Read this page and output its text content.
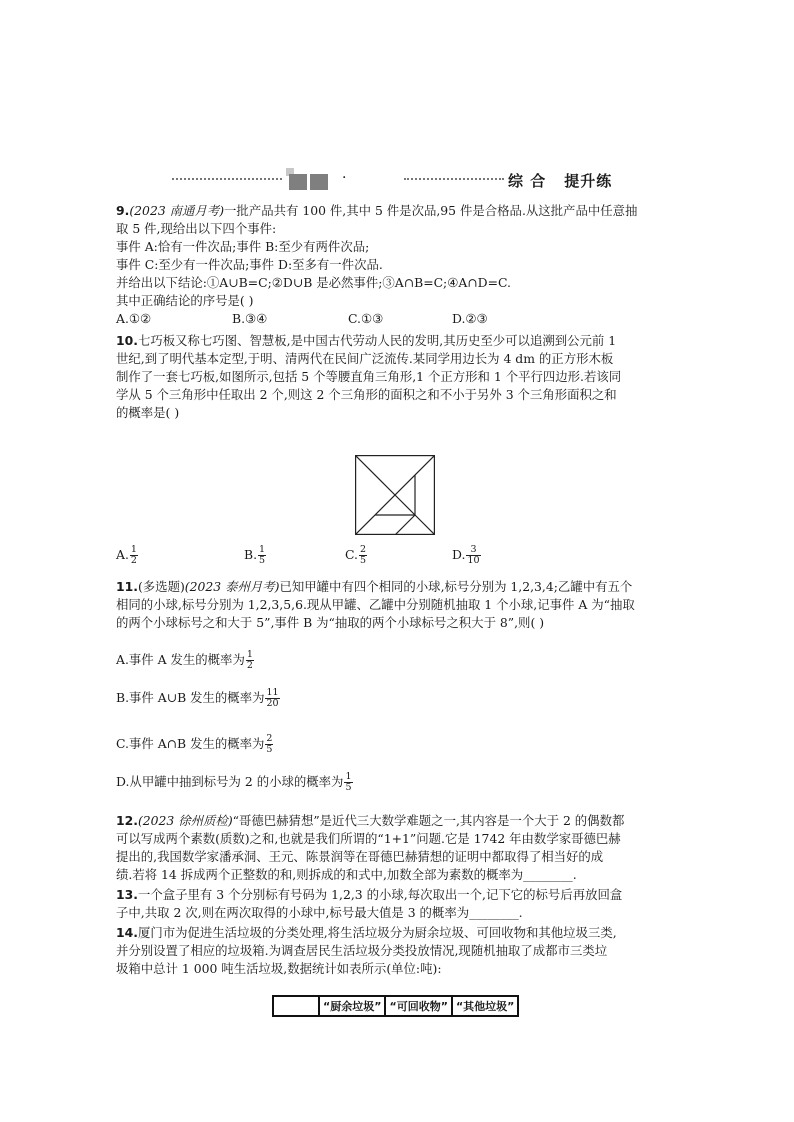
·	综 合 提升练
9.(2023 南通月考)一批产品共有 100 件,其中 5 件是次品,95 件是合格品.从这批产品中任意抽
取 5 件,现给出以下四个事件:
事件 A:恰有一件次品;事件 B:至少有两件次品;
事件 C:至少有一件次品;事件 D:至多有一件次品.
并给出以下结论:①A∪B=C;②D∪B 是必然事件;③A∩B=C;④A∩D=C.
其中正确结论的序号是( )
A.①②	B.③④	C.①③	D.②③
10.七巧板又称七巧图、智慧板,是中国古代劳动人民的发明,其历史至少可以追溯到公元前 1
世纪,到了明代基本定型,于明、清两代在民间广泛流传.某同学用边长为 4 dm 的正方形木板
制作了一套七巧板,如图所示,包括 5 个等腰直角三角形,1 个正方形和 1 个平行四边形.若该同
学从 5 个三角形中任取出 2 个,则这 2 个三角形的面积之和不小于另外 3 个三角形面积之和
的概率是( )
A. $\frac{1}{2}$	B. $\frac{1}{5}$	C. $\frac{2}{5}$	D. $\frac{3}{10}$
11.(多选题)(2023 泰州月考)已知甲罐中有四个相同的小球,标号分别为 1,2,3,4;乙罐中有五个
相同的小球,标号分别为 1,2,3,5,6.现从甲罐、乙罐中分别随机抽取 1 个小球,记事件 A 为“抽取
的两个小球标号之和大于 5”,事件 B 为“抽取的两个小球标号之积大于 8”,则( )
A.事件 A 发生的概率为 $\frac{1}{2}$
B.事件 A∪B 发生的概率为 $\frac{11}{20}$
C.事件 A∩B 发生的概率为 $\frac{2}{5}$
D.从甲罐中抽到标号为 2 的小球的概率为 $\frac{1}{5}$
12.(2023 徐州质检)“哥德巴赫猜想”是近代三大数学难题之一,其内容是一个大于 2 的偶数都
可以写成两个素数(质数)之和,也就是我们所谓的“1+1”问题.它是 1742 年由数学家哥德巴赫
提出的,我国数学家潘承洞、王元、陈景润等在哥德巴赫猜想的证明中都取得了相当好的成
绩.若将 14 拆成两个正整数的和,则拆成的和式中,加数全部为素数的概率为________.
13.一个盒子里有 3 个分别标有号码为 1,2,3 的小球,每次取出一个,记下它的标号后再放回盒
子中,共取 2 次,则在两次取得的小球中,标号最大值是 3 的概率为________.
14.厦门市为促进生活垃圾的分类处理,将生活垃圾分为厨余垃圾、可回收物和其他垃圾三类,
并分别设置了相应的垃圾箱.为调查居民生活垃圾分类投放情况,现随机抽取了成都市三类垃
圾箱中总计 1 000 吨生活垃圾,数据统计如表所示(单位:吨):
	“厨余垃圾”	“可回收物”	“其他垃圾”
